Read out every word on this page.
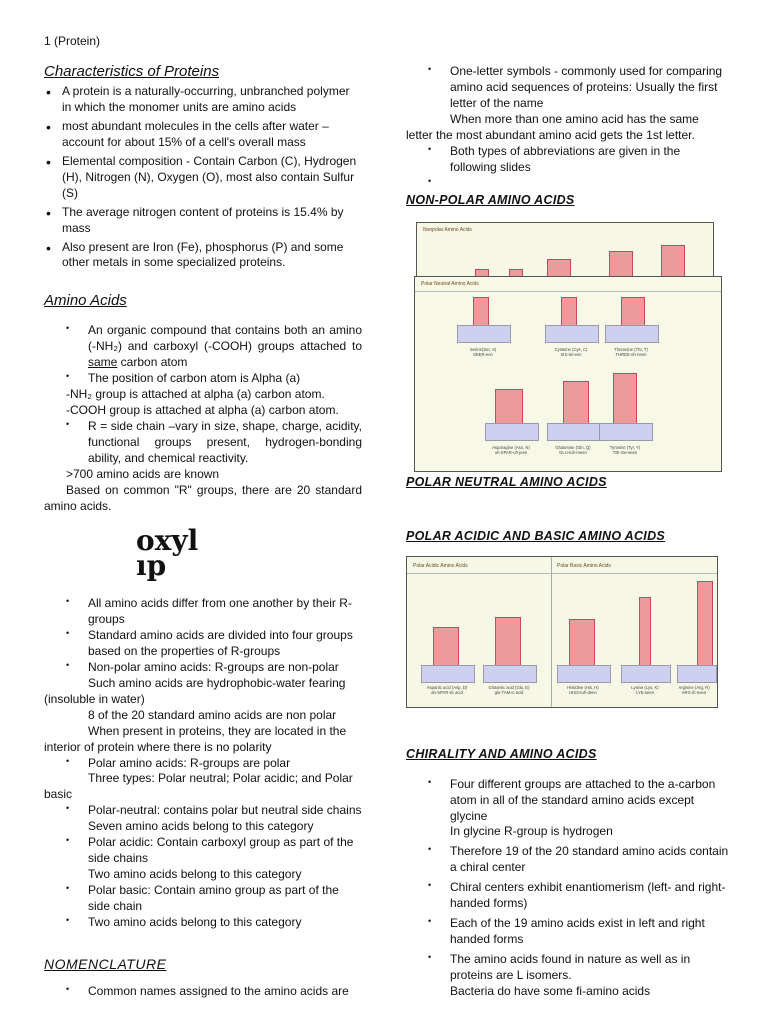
1 (Protein)
Characteristics of Proteins
• A protein is a naturally-occurring, unbranched polymer in which the monomer units are amino acids
• most abundant molecules in the cells after water – account for about 15% of a cell's overall mass
• Elemental composition - Contain Carbon (C), Hydrogen (H), Nitrogen (N), Oxygen (O), most also contain Sulfur (S)
• The average nitrogen content of proteins is 15.4% by mass
• Also present are Iron (Fe), phosphorus (P) and some other metals in some specialized proteins.
Amino Acids
• An organic compound that contains both an amino (-NH₂) and carboxyl (-COOH) groups attached to same carbon atom
• The position of carbon atom is Alpha (a)
-NH₂ group is attached at alpha (a) carbon atom.
-COOH group is attached at alpha (a) carbon atom.
• R = side chain –vary in size, shape, charge, acidity, functional groups present, hydrogen-bonding ability, and chemical reactivity.
>700 amino acids are known
Based on common "R" groups, there are 20 standard amino acids.
oxyl
ıp
• All amino acids differ from one another by their R-groups
• Standard amino acids are divided into four groups based on the properties of R-groups
• Non-polar amino acids: R-groups are non-polar
Such amino acids are hydrophobic-water fearing (insoluble in water)
8 of the 20 standard amino acids are non polar
When present in proteins, they are located in the interior of protein where there is no polarity
• Polar amino acids: R-groups are polar
Three types: Polar neutral; Polar acidic; and Polar basic
• Polar-neutral: contains polar but neutral side chains
Seven amino acids belong to this category
• Polar acidic: Contain carboxyl group as part of the side chains
Two amino acids belong to this category
• Polar basic: Contain amino group as part of the side chain
• Two amino acids belong to this category
NOMENCLATURE
• Common names assigned to the amino acids are
• One-letter symbols - commonly used for comparing amino acid sequences of proteins: Usually the first letter of the name
When more than one amino acid has the same letter the most abundant amino acid gets the 1st letter.
• Both types of abbreviations are given in the following slides
•
NON-POLAR AMINO ACIDS
Nonpolar Amino Acids
Polar Neutral Amino Acids
Serine(Ser, S)
SEER-een
Cysteine (Cys, C)
SIS-tei-een
Threonine (Thr, T)
THREE-oh-neen
Asparagine (Asn, N)
uh-SPAR-uh-jeen
Glutamine (Gln, Q)
GLU-tuh-meen
Tyrosine (Tyr, Y)
TIE-roe-seen
POLAR NEUTRAL AMINO ACIDS
POLAR ACIDIC AND BASIC AMINO ACIDS
Polar Acidic Amino Acids	Polar Basic Amino Acids
Aspartic acid (Asp, D)
ah-SPAR-tic acid
Glutamic acid (Glu, E)
glu-TAM-ic acid
Histidine (His, H)
HISS-tuh-deen
Lysine (Lys, K)
LYE-seen
Arginine (Arg, R)
ARG-ih-neen
CHIRALITY AND AMINO ACIDS
• Four different groups are attached to the a-carbon atom in all of the standard amino acids except glycine
In glycine R-group is hydrogen
• Therefore 19 of the 20 standard amino acids contain a chiral center
• Chiral centers exhibit enantiomerism (left- and right-handed forms)
• Each of the 19 amino acids exist in left and right handed forms
• The amino acids found in nature as well as in proteins are L isomers.
Bacteria do have some fi-amino acids
